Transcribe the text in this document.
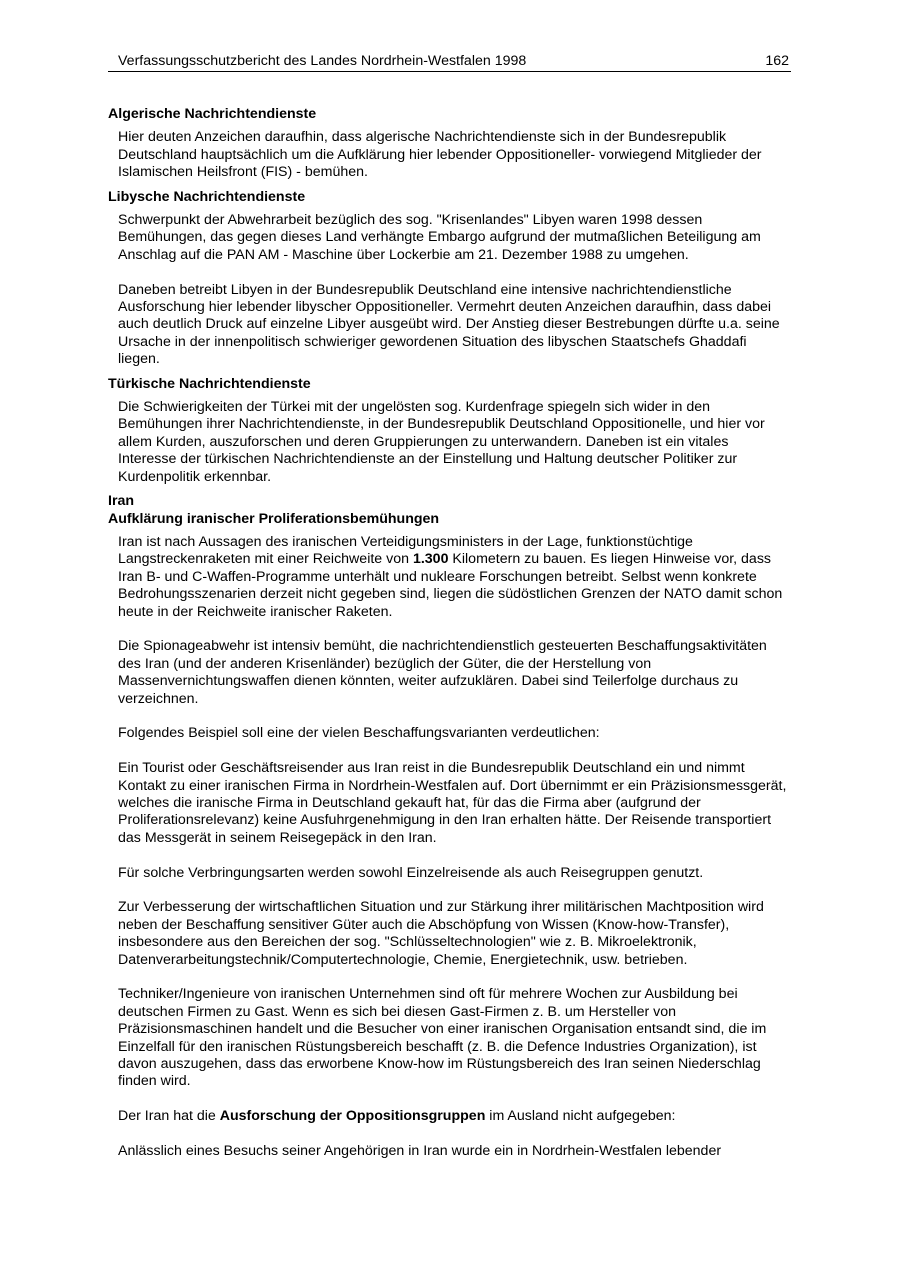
Verfassungsschutzbericht des Landes Nordrhein-Westfalen 1998	162
Algerische Nachrichtendienste

Hier deuten Anzeichen daraufhin, dass algerische Nachrichtendienste sich in der Bundesrepublik Deutschland hauptsächlich um die Aufklärung hier lebender Oppositioneller- vorwiegend Mitglieder der Islamischen Heilsfront (FIS) - bemühen.

Libysche Nachrichtendienste

Schwerpunkt der Abwehrarbeit bezüglich des sog. "Krisenlandes" Libyen waren 1998 dessen Bemühungen, das gegen dieses Land verhängte Embargo aufgrund der mutmaßlichen Beteiligung am Anschlag auf die PAN AM - Maschine über Lockerbie am 21. Dezember 1988 zu umgehen.

Daneben betreibt Libyen in der Bundesrepublik Deutschland eine intensive nachrichtendienstliche Ausforschung hier lebender libyscher Oppositioneller. Vermehrt deuten Anzeichen daraufhin, dass dabei auch deutlich Druck auf einzelne Libyer ausgeübt wird. Der Anstieg dieser Bestrebungen dürfte u.a. seine Ursache in der innenpolitisch schwieriger gewordenen Situation des libyschen Staatschefs Ghaddafi liegen.

Türkische Nachrichtendienste

Die Schwierigkeiten der Türkei mit der ungelösten sog. Kurdenfrage spiegeln sich wider in den Bemühungen ihrer Nachrichtendienste, in der Bundesrepublik Deutschland Oppositionelle, und hier vor allem Kurden, auszuforschen und deren Gruppierungen zu unterwandern. Daneben ist ein vitales Interesse der türkischen Nachrichtendienste an der Einstellung und Haltung deutscher Politiker zur Kurdenpolitik erkennbar.

Iran
Aufklärung iranischer Proliferationsbemühungen

Iran ist nach Aussagen des iranischen Verteidigungsministers in der Lage, funktionstüchtige Langstreckenraketen mit einer Reichweite von 1.300 Kilometern zu bauen. Es liegen Hinweise vor, dass Iran B- und C-Waffen-Programme unterhält und nukleare Forschungen betreibt. Selbst wenn konkrete Bedrohungsszenarien derzeit nicht gegeben sind, liegen die südöstlichen Grenzen der NATO damit schon heute in der Reichweite iranischer Raketen.

Die Spionageabwehr ist intensiv bemüht, die nachrichtendienstlich gesteuerten Beschaffungsaktivitäten des Iran (und der anderen Krisenländer) bezüglich der Güter, die der Herstellung von Massenvernichtungswaffen dienen könnten, weiter aufzuklären. Dabei sind Teilerfolge durchaus zu verzeichnen.

Folgendes Beispiel soll eine der vielen Beschaffungsvarianten verdeutlichen:

Ein Tourist oder Geschäftsreisender aus Iran reist in die Bundesrepublik Deutschland ein und nimmt Kontakt zu einer iranischen Firma in Nordrhein-Westfalen auf. Dort übernimmt er ein Präzisionsmessgerät, welches die iranische Firma in Deutschland gekauft hat, für das die Firma aber (aufgrund der Proliferationsrelevanz) keine Ausfuhrgenehmigung in den Iran erhalten hätte. Der Reisende transportiert das Messgerät in seinem Reisegepäck in den Iran.

Für solche Verbringungsarten werden sowohl Einzelreisende als auch Reisegruppen genutzt.

Zur Verbesserung der wirtschaftlichen Situation und zur Stärkung ihrer militärischen Machtposition wird neben der Beschaffung sensitiver Güter auch die Abschöpfung von Wissen (Know-how-Transfer), insbesondere aus den Bereichen der sog. "Schlüsseltechnologien" wie z. B. Mikroelektronik, Datenverarbeitungstechnik/Computertechnologie, Chemie, Energietechnik, usw. betrieben.

Techniker/Ingenieure von iranischen Unternehmen sind oft für mehrere Wochen zur Ausbildung bei deutschen Firmen zu Gast. Wenn es sich bei diesen Gast-Firmen z. B. um Hersteller von Präzisionsmaschinen handelt und die Besucher von einer iranischen Organisation entsandt sind, die im Einzelfall für den iranischen Rüstungsbereich beschafft (z. B. die Defence Industries Organization), ist davon auszugehen, dass das erworbene Know-how im Rüstungsbereich des Iran seinen Niederschlag finden wird.

Der Iran hat die Ausforschung der Oppositionsgruppen im Ausland nicht aufgegeben:

Anlässlich eines Besuchs seiner Angehörigen in Iran wurde ein in Nordrhein-Westfalen lebender
